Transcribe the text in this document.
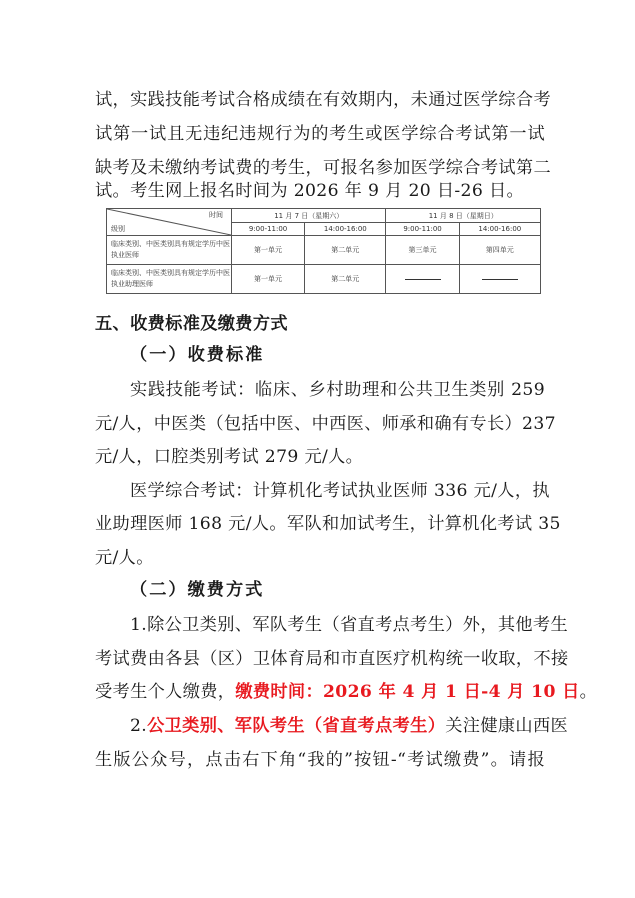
试，实践技能考试合格成绩在有效期内，未通过医学综合考
试第一试且无违纪违规行为的考生或医学综合考试第一试
缺考及未缴纳考试费的考生，可报名参加医学综合考试第二
试。考生网上报名时间为 2026 年 9 月 20 日-26 日。
时间
级别	11 月 7 日（星期六）		11 月 8 日（星期日）	
	9:00-11:00	14:00-16:00	9:00-11:00	14:00-16:00
临床类别、中医类别具有规定学历中医执业医师	第一单元	第二单元	第三单元	第四单元
临床类别、中医类别具有规定学历中医执业助理医师	第一单元	第二单元		
五、收费标准及缴费方式
（一）收费标准
实践技能考试：临床、乡村助理和公共卫生类别 259
元/人，中医类（包括中医、中西医、师承和确有专长）237
元/人，口腔类别考试 279 元/人。
医学综合考试：计算机化考试执业医师 336 元/人，执
业助理医师 168 元/人。军队和加试考生，计算机化考试 35
元/人。
（二）缴费方式
1.除公卫类别、军队考生（省直考点考生）外，其他考生
考试费由各县（区）卫体育局和市直医疗机构统一收取，不接
受考生个人缴费，缴费时间：2026 年 4 月 1 日-4 月 10 日。
2.公卫类别、军队考生（省直考点考生）关注健康山西医
生版公众号，点击右下角“我的”按钮-“考试缴费”。请报
